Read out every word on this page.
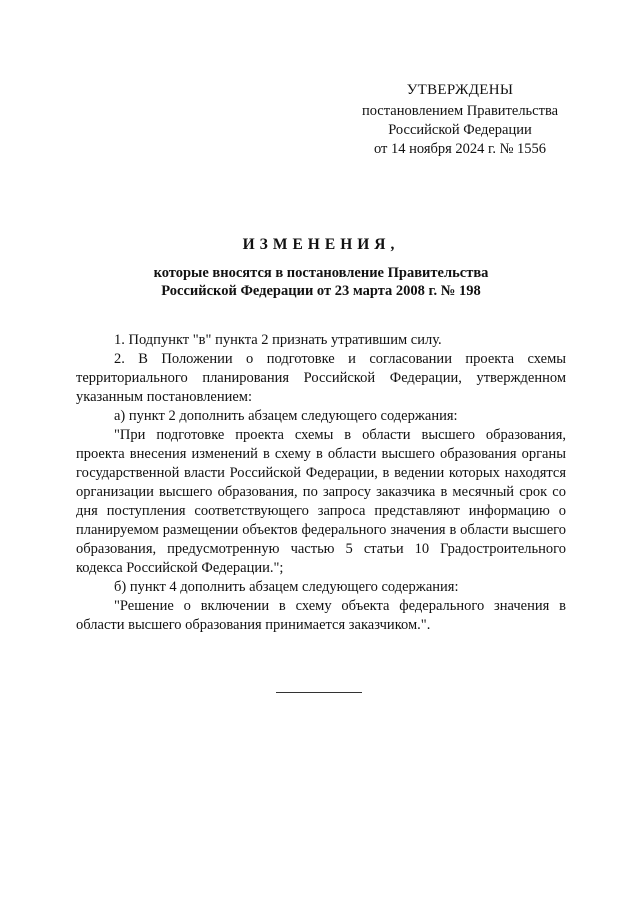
УТВЕРЖДЕНЫ
постановлением Правительства
Российской Федерации
от 14 ноября 2024 г. № 1556
ИЗМЕНЕНИЯ,
которые вносятся в постановление Правительства
Российской Федерации от 23 марта 2008 г. № 198

1. Подпункт "в" пункта 2 признать утратившим силу.

2. В Положении о подготовке и согласовании проекта схемы территориального планирования Российской Федерации, утвержденном указанным постановлением:

а) пункт 2 дополнить абзацем следующего содержания:

"При подготовке проекта схемы в области высшего образования, проекта внесения изменений в схему в области высшего образования органы государственной власти Российской Федерации, в ведении которых находятся организации высшего образования, по запросу заказчика в месячный срок со дня поступления соответствующего запроса представляют информацию о планируемом размещении объектов федерального значения в области высшего образования, предусмотренную частью 5 статьи 10 Градостроительного кодекса Российской Федерации.";

б) пункт 4 дополнить абзацем следующего содержания:

"Решение о включении в схему объекта федерального значения в области высшего образования принимается заказчиком.".
